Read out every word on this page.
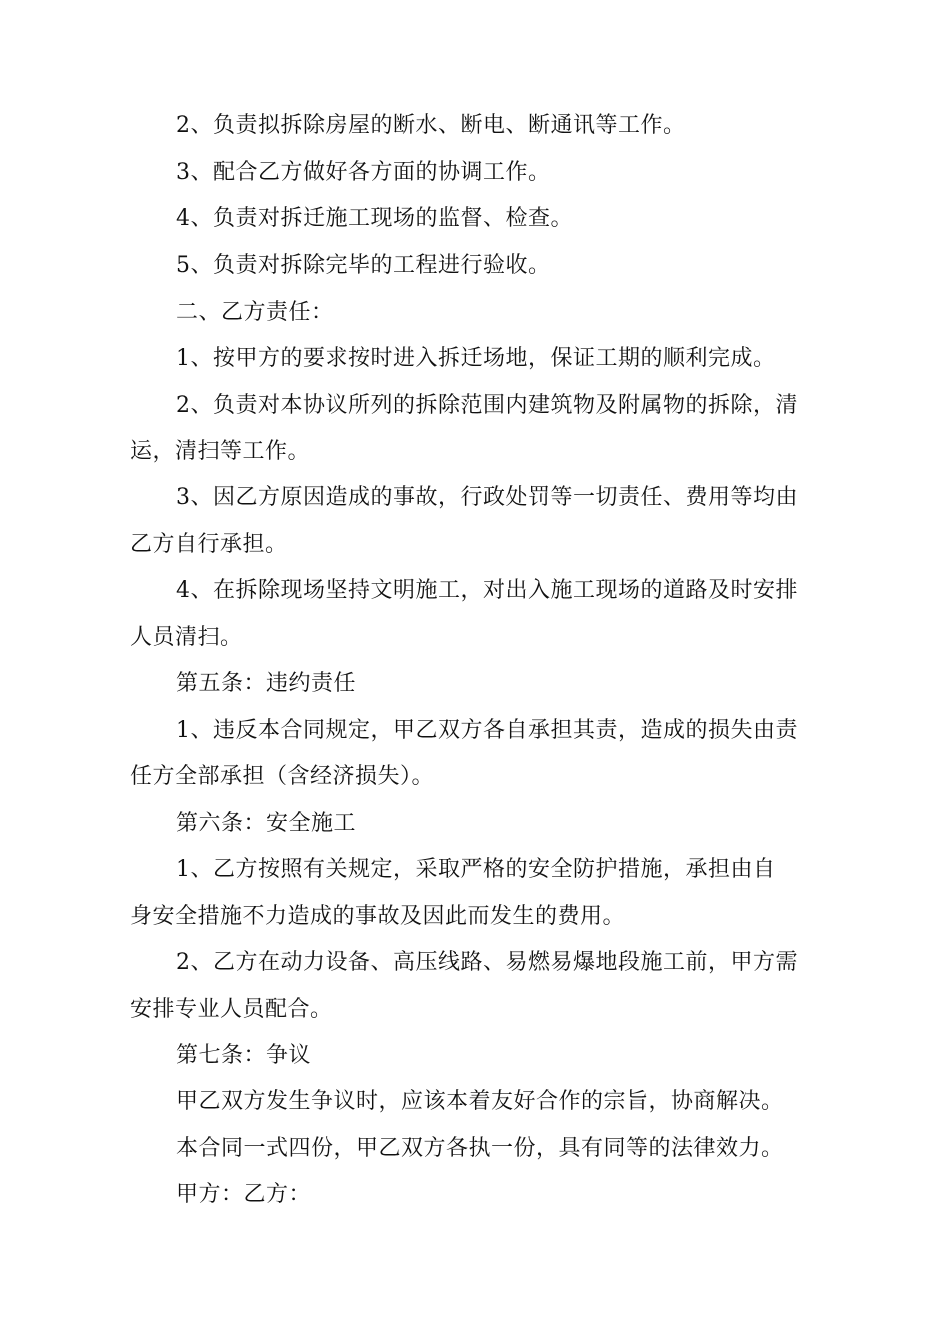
2、负责拟拆除房屋的断水、断电、断通讯等工作。
3、配合乙方做好各方面的协调工作。
4、负责对拆迁施工现场的监督、检查。
5、负责对拆除完毕的工程进行验收。
二、乙方责任：
1、按甲方的要求按时进入拆迁场地，保证工期的顺利完成。
2、负责对本协议所列的拆除范围内建筑物及附属物的拆除，清
运，清扫等工作。
3、因乙方原因造成的事故，行政处罚等一切责任、费用等均由
乙方自行承担。
4、在拆除现场坚持文明施工，对出入施工现场的道路及时安排
人员清扫。
第五条：违约责任
1、违反本合同规定，甲乙双方各自承担其责，造成的损失由责
任方全部承担（含经济损失）。
第六条：安全施工
1、乙方按照有关规定，采取严格的安全防护措施，承担由自
身安全措施不力造成的事故及因此而发生的费用。
2、乙方在动力设备、高压线路、易燃易爆地段施工前，甲方需
安排专业人员配合。
第七条：争议
甲乙双方发生争议时，应该本着友好合作的宗旨，协商解决。
本合同一式四份，甲乙双方各执一份，具有同等的法律效力。
甲方：乙方：
